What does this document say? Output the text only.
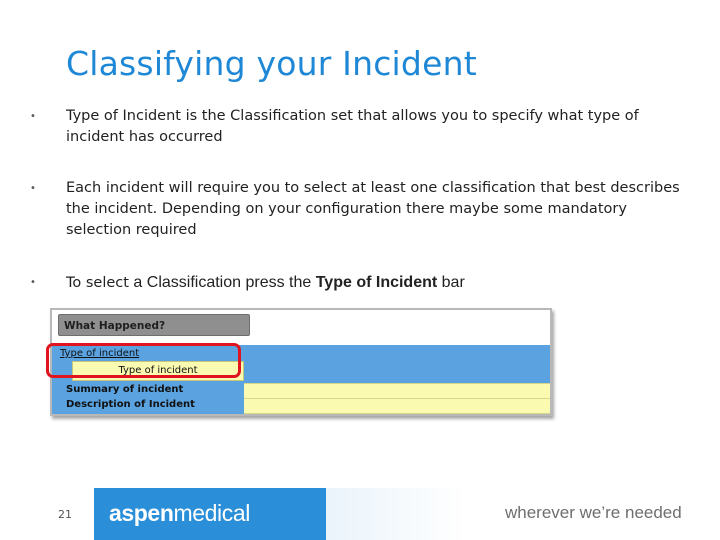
Classifying your Incident
• Type of Incident is the Classification set that allows you to specify what type of incident has occurred
• Each incident will require you to select at least one classification that best describes the incident. Depending on your configuration there maybe some mandatory selection required
• To select a Classification press the Type of Incident bar
What Happened?
Type of incident
Type of incident
Summary of incident
Description of Incident
21 aspenmedical	wherever we’re needed
